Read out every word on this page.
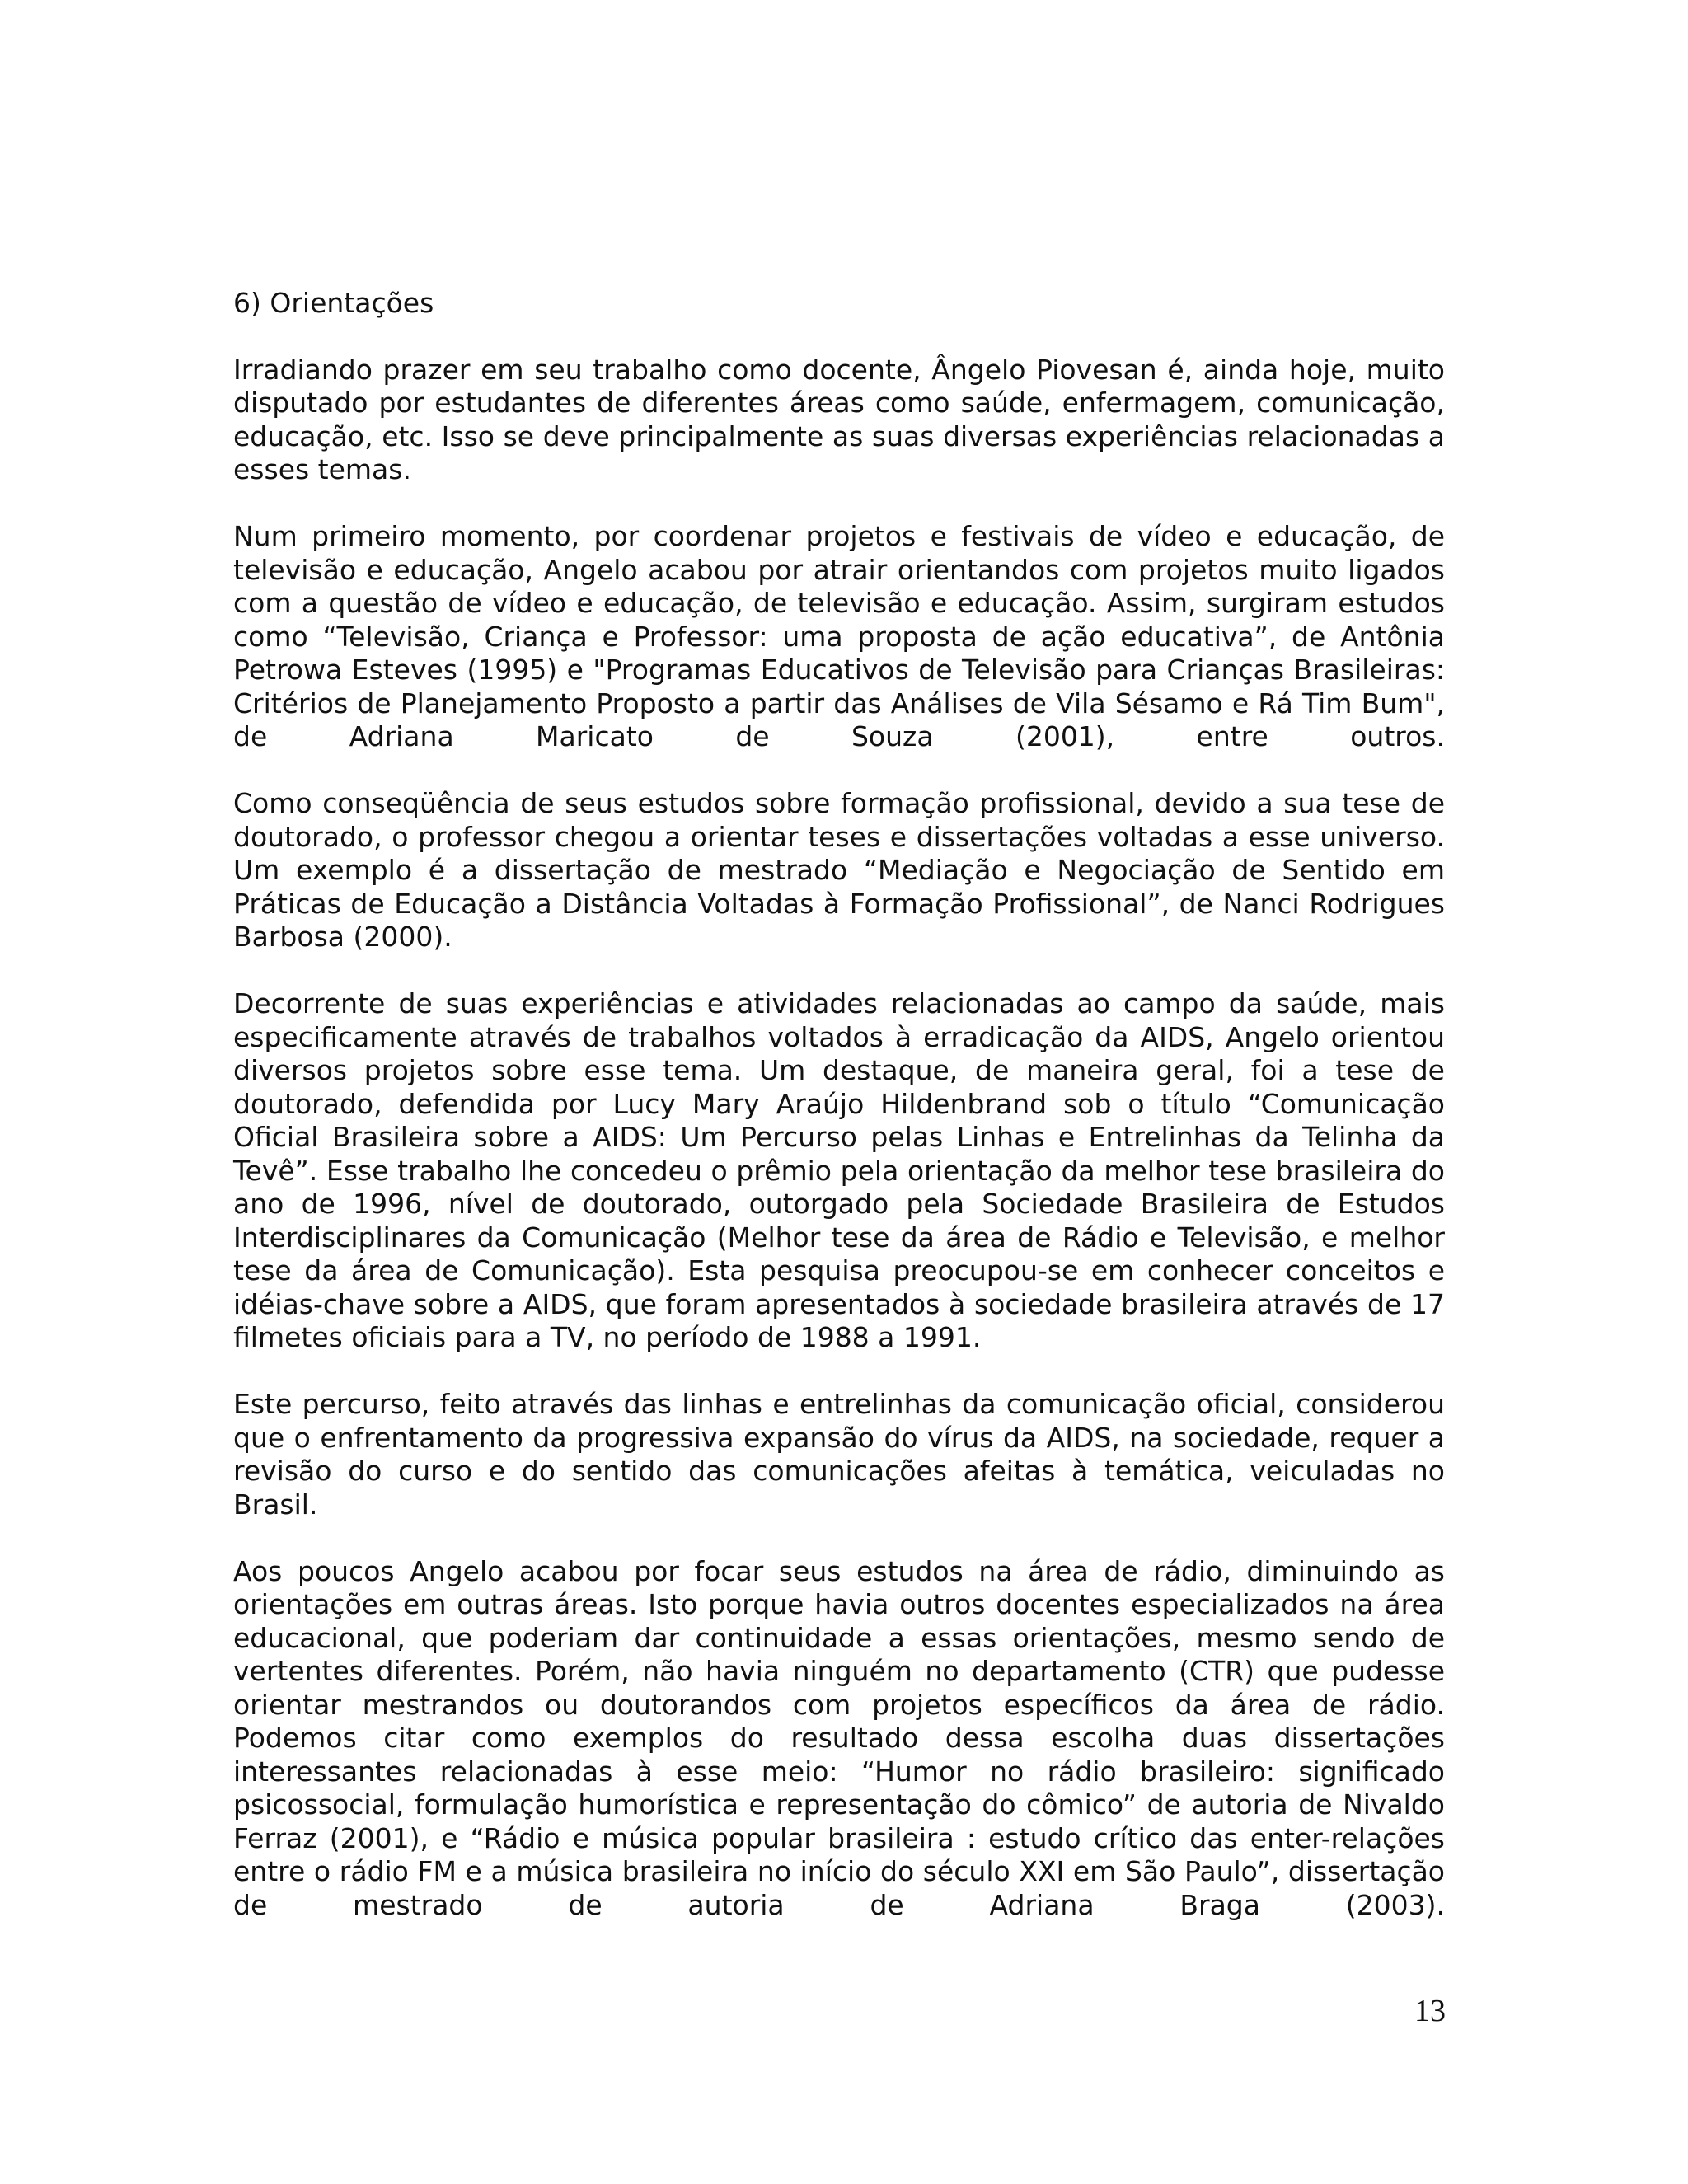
6) Orientações

Irradiando prazer em seu trabalho como docente, Ângelo Piovesan é, ainda hoje, muito disputado por estudantes de diferentes áreas como saúde, enfermagem, comunicação, educação, etc. Isso se deve principalmente as suas diversas experiências relacionadas a esses temas.

Num primeiro momento, por coordenar projetos e festivais de vídeo e educação, de televisão e educação, Angelo acabou por atrair orientandos com projetos muito ligados com a questão de vídeo e educação, de televisão e educação. Assim, surgiram estudos como “Televisão, Criança e Professor: uma proposta de ação educativa”, de Antônia Petrowa Esteves (1995) e "Programas Educativos de Televisão para Crianças Brasileiras: Critérios de Planejamento Proposto a partir das Análises de Vila Sésamo e Rá Tim Bum", de Adriana Maricato de Souza (2001), entre outros.

Como conseqüência de seus estudos sobre formação profissional, devido a sua tese de doutorado, o professor chegou a orientar teses e dissertações voltadas a esse universo. Um exemplo é a dissertação de mestrado “Mediação e Negociação de Sentido em Práticas de Educação a Distância Voltadas à Formação Profissional”, de Nanci Rodrigues Barbosa (2000).

Decorrente de suas experiências e atividades relacionadas ao campo da saúde, mais especificamente através de trabalhos voltados à erradicação da AIDS, Angelo orientou diversos projetos sobre esse tema. Um destaque, de maneira geral, foi a tese de doutorado, defendida por Lucy Mary Araújo Hildenbrand sob o título “Comunicação Oficial Brasileira sobre a AIDS: Um Percurso pelas Linhas e Entrelinhas da Telinha da Tevê”. Esse trabalho lhe concedeu o prêmio pela orientação da melhor tese brasileira do ano de 1996, nível de doutorado, outorgado pela Sociedade Brasileira de Estudos Interdisciplinares da Comunicação (Melhor tese da área de Rádio e Televisão, e melhor tese da área de Comunicação). Esta pesquisa preocupou-se em conhecer conceitos e idéias-chave sobre a AIDS, que foram apresentados à sociedade brasileira através de 17 filmetes oficiais para a TV, no período de 1988 a 1991.

Este percurso, feito através das linhas e entrelinhas da comunicação oficial, considerou que o enfrentamento da progressiva expansão do vírus da AIDS, na sociedade, requer a revisão do curso e do sentido das comunicações afeitas à temática, veiculadas no Brasil.

Aos poucos Angelo acabou por focar seus estudos na área de rádio, diminuindo as orientações em outras áreas. Isto porque havia outros docentes especializados na área educacional, que poderiam dar continuidade a essas orientações, mesmo sendo de vertentes diferentes. Porém, não havia ninguém no departamento (CTR) que pudesse orientar mestrandos ou doutorandos com projetos específicos da área de rádio. Podemos citar como exemplos do resultado dessa escolha duas dissertações interessantes relacionadas à esse meio: “Humor no rádio brasileiro: significado psicossocial, formulação humorística e representação do cômico” de autoria de Nivaldo Ferraz (2001), e “Rádio e música popular brasileira : estudo crítico das enter-relações entre o rádio FM e a música brasileira no início do século XXI em São Paulo”, dissertação de mestrado de autoria de Adriana Braga (2003).

13
